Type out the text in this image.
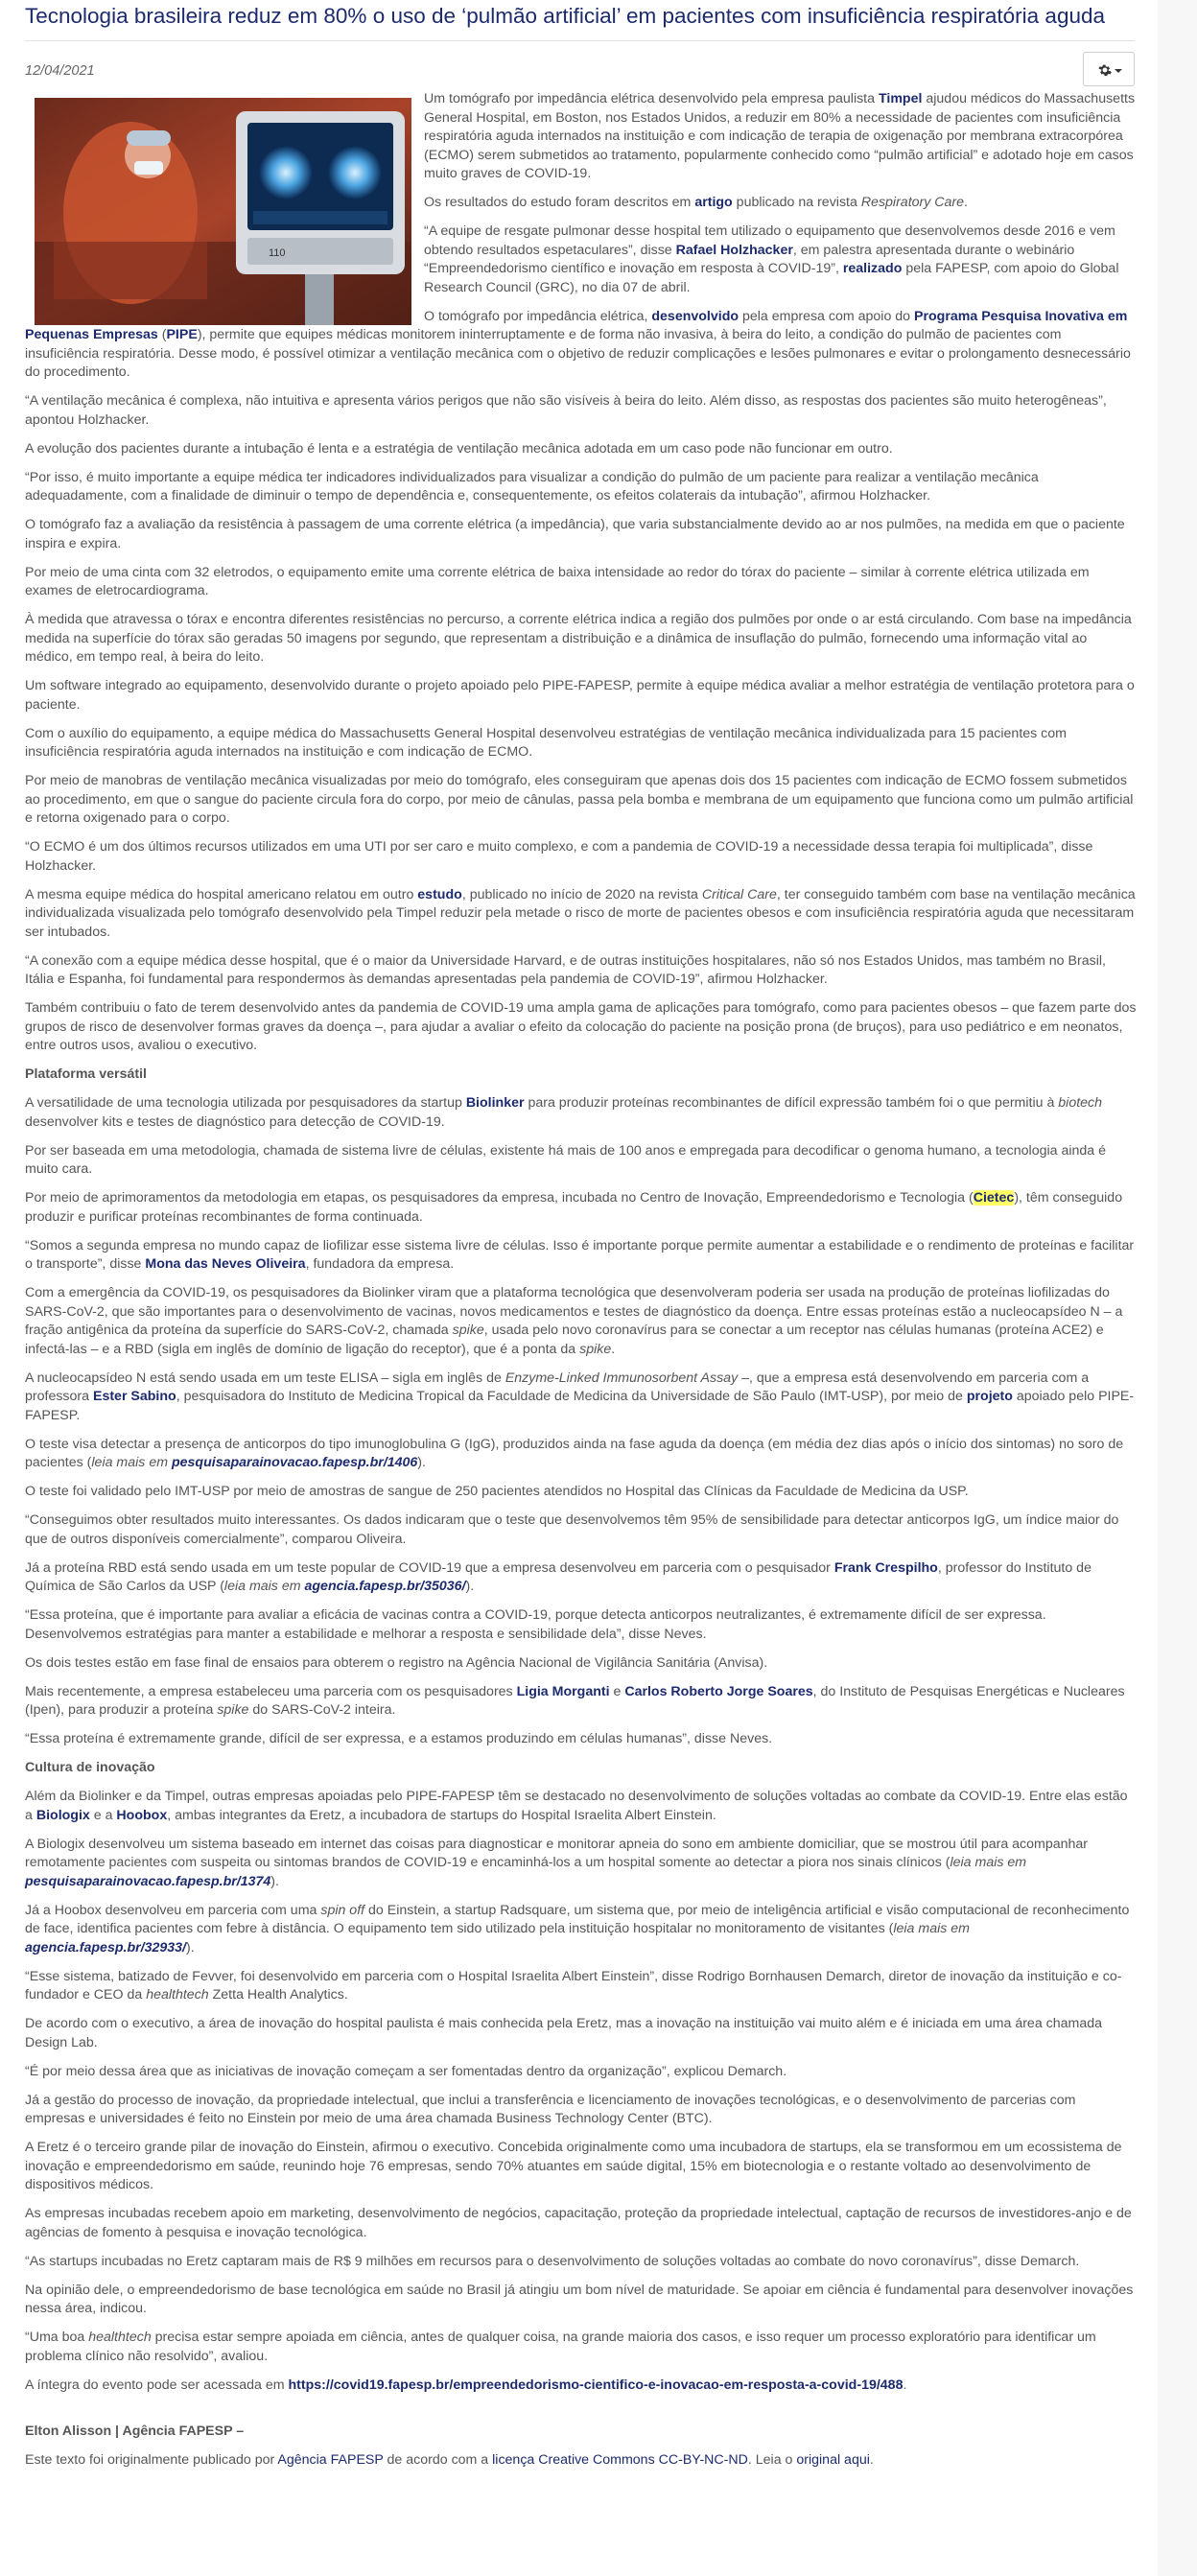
Tecnologia brasileira reduz em 80% o uso de ‘pulmão artificial’ em pacientes com insuficiência respiratória aguda
12/04/2021
110

Um tomógrafo por impedância elétrica desenvolvido pela empresa paulista Timpel ajudou médicos do Massachusetts General Hospital, em Boston, nos Estados Unidos, a reduzir em 80% a necessidade de pacientes com insuficiência respiratória aguda internados na instituição e com indicação de terapia de oxigenação por membrana extracorpórea (ECMO) serem submetidos ao tratamento, popularmente conhecido como “pulmão artificial” e adotado hoje em casos muito graves de COVID-19.

Os resultados do estudo foram descritos em artigo publicado na revista Respiratory Care.

“A equipe de resgate pulmonar desse hospital tem utilizado o equipamento que desenvolvemos desde 2016 e vem obtendo resultados espetaculares”, disse Rafael Holzhacker, em palestra apresentada durante o webinário “Empreendedorismo científico e inovação em resposta à COVID-19”, realizado pela FAPESP, com apoio do Global Research Council (GRC), no dia 07 de abril.

O tomógrafo por impedância elétrica, desenvolvido pela empresa com apoio do Programa Pesquisa Inovativa em Pequenas Empresas (PIPE), permite que equipes médicas monitorem ininterruptamente e de forma não invasiva, à beira do leito, a condição do pulmão de pacientes com insuficiência respiratória. Desse modo, é possível otimizar a ventilação mecânica com o objetivo de reduzir complicações e lesões pulmonares e evitar o prolongamento desnecessário do procedimento.

“A ventilação mecânica é complexa, não intuitiva e apresenta vários perigos que não são visíveis à beira do leito. Além disso, as respostas dos pacientes são muito heterogêneas”, apontou Holzhacker.

A evolução dos pacientes durante a intubação é lenta e a estratégia de ventilação mecânica adotada em um caso pode não funcionar em outro.

“Por isso, é muito importante a equipe médica ter indicadores individualizados para visualizar a condição do pulmão de um paciente para realizar a ventilação mecânica adequadamente, com a finalidade de diminuir o tempo de dependência e, consequentemente, os efeitos colaterais da intubação”, afirmou Holzhacker.

O tomógrafo faz a avaliação da resistência à passagem de uma corrente elétrica (a impedância), que varia substancialmente devido ao ar nos pulmões, na medida em que o paciente inspira e expira.

Por meio de uma cinta com 32 eletrodos, o equipamento emite uma corrente elétrica de baixa intensidade ao redor do tórax do paciente – similar à corrente elétrica utilizada em exames de eletrocardiograma.

À medida que atravessa o tórax e encontra diferentes resistências no percurso, a corrente elétrica indica a região dos pulmões por onde o ar está circulando. Com base na impedância medida na superfície do tórax são geradas 50 imagens por segundo, que representam a distribuição e a dinâmica de insuflação do pulmão, fornecendo uma informação vital ao médico, em tempo real, à beira do leito.

Um software integrado ao equipamento, desenvolvido durante o projeto apoiado pelo PIPE-FAPESP, permite à equipe médica avaliar a melhor estratégia de ventilação protetora para o paciente.

Com o auxílio do equipamento, a equipe médica do Massachusetts General Hospital desenvolveu estratégias de ventilação mecânica individualizada para 15 pacientes com insuficiência respiratória aguda internados na instituição e com indicação de ECMO.

Por meio de manobras de ventilação mecânica visualizadas por meio do tomógrafo, eles conseguiram que apenas dois dos 15 pacientes com indicação de ECMO fossem submetidos ao procedimento, em que o sangue do paciente circula fora do corpo, por meio de cânulas, passa pela bomba e membrana de um equipamento que funciona como um pulmão artificial e retorna oxigenado para o corpo.

“O ECMO é um dos últimos recursos utilizados em uma UTI por ser caro e muito complexo, e com a pandemia de COVID-19 a necessidade dessa terapia foi multiplicada”, disse Holzhacker.

A mesma equipe médica do hospital americano relatou em outro estudo, publicado no início de 2020 na revista Critical Care, ter conseguido também com base na ventilação mecânica individualizada visualizada pelo tomógrafo desenvolvido pela Timpel reduzir pela metade o risco de morte de pacientes obesos e com insuficiência respiratória aguda que necessitaram ser intubados.

“A conexão com a equipe médica desse hospital, que é o maior da Universidade Harvard, e de outras instituições hospitalares, não só nos Estados Unidos, mas também no Brasil, Itália e Espanha, foi fundamental para respondermos às demandas apresentadas pela pandemia de COVID-19”, afirmou Holzhacker.

Também contribuiu o fato de terem desenvolvido antes da pandemia de COVID-19 uma ampla gama de aplicações para tomógrafo, como para pacientes obesos – que fazem parte dos grupos de risco de desenvolver formas graves da doença –, para ajudar a avaliar o efeito da colocação do paciente na posição prona (de bruços), para uso pediátrico e em neonatos, entre outros usos, avaliou o executivo.

Plataforma versátil

A versatilidade de uma tecnologia utilizada por pesquisadores da startup Biolinker para produzir proteínas recombinantes de difícil expressão também foi o que permitiu à biotech desenvolver kits e testes de diagnóstico para detecção de COVID-19.

Por ser baseada em uma metodologia, chamada de sistema livre de células, existente há mais de 100 anos e empregada para decodificar o genoma humano, a tecnologia ainda é muito cara.

Por meio de aprimoramentos da metodologia em etapas, os pesquisadores da empresa, incubada no Centro de Inovação, Empreendedorismo e Tecnologia (Cietec), têm conseguido produzir e purificar proteínas recombinantes de forma continuada.

“Somos a segunda empresa no mundo capaz de liofilizar esse sistema livre de células. Isso é importante porque permite aumentar a estabilidade e o rendimento de proteínas e facilitar o transporte”, disse Mona das Neves Oliveira, fundadora da empresa.

Com a emergência da COVID-19, os pesquisadores da Biolinker viram que a plataforma tecnológica que desenvolveram poderia ser usada na produção de proteínas liofilizadas do SARS-CoV-2, que são importantes para o desenvolvimento de vacinas, novos medicamentos e testes de diagnóstico da doença. Entre essas proteínas estão a nucleocapsídeo N – a fração antigênica da proteína da superfície do SARS-CoV-2, chamada spike, usada pelo novo coronavírus para se conectar a um receptor nas células humanas (proteína ACE2) e infectá-las – e a RBD (sigla em inglês de domínio de ligação do receptor), que é a ponta da spike.

A nucleocapsídeo N está sendo usada em um teste ELISA – sigla em inglês de Enzyme-Linked Immunosorbent Assay –, que a empresa está desenvolvendo em parceria com a professora Ester Sabino, pesquisadora do Instituto de Medicina Tropical da Faculdade de Medicina da Universidade de São Paulo (IMT-USP), por meio de projeto apoiado pelo PIPE-FAPESP.

O teste visa detectar a presença de anticorpos do tipo imunoglobulina G (IgG), produzidos ainda na fase aguda da doença (em média dez dias após o início dos sintomas) no soro de pacientes (leia mais em pesquisaparainovacao.fapesp.br/1406).

O teste foi validado pelo IMT-USP por meio de amostras de sangue de 250 pacientes atendidos no Hospital das Clínicas da Faculdade de Medicina da USP.

“Conseguimos obter resultados muito interessantes. Os dados indicaram que o teste que desenvolvemos têm 95% de sensibilidade para detectar anticorpos IgG, um índice maior do que de outros disponíveis comercialmente”, comparou Oliveira.

Já a proteína RBD está sendo usada em um teste popular de COVID-19 que a empresa desenvolveu em parceria com o pesquisador Frank Crespilho, professor do Instituto de Química de São Carlos da USP (leia mais em agencia.fapesp.br/35036/).

“Essa proteína, que é importante para avaliar a eficácia de vacinas contra a COVID-19, porque detecta anticorpos neutralizantes, é extremamente difícil de ser expressa. Desenvolvemos estratégias para manter a estabilidade e melhorar a resposta e sensibilidade dela”, disse Neves.

Os dois testes estão em fase final de ensaios para obterem o registro na Agência Nacional de Vigilância Sanitária (Anvisa).

Mais recentemente, a empresa estabeleceu uma parceria com os pesquisadores Ligia Morganti e Carlos Roberto Jorge Soares, do Instituto de Pesquisas Energéticas e Nucleares (Ipen), para produzir a proteína spike do SARS-CoV-2 inteira.

“Essa proteína é extremamente grande, difícil de ser expressa, e a estamos produzindo em células humanas”, disse Neves.

Cultura de inovação

Além da Biolinker e da Timpel, outras empresas apoiadas pelo PIPE-FAPESP têm se destacado no desenvolvimento de soluções voltadas ao combate da COVID-19. Entre elas estão a Biologix e a Hoobox, ambas integrantes da Eretz, a incubadora de startups do Hospital Israelita Albert Einstein.

A Biologix desenvolveu um sistema baseado em internet das coisas para diagnosticar e monitorar apneia do sono em ambiente domiciliar, que se mostrou útil para acompanhar remotamente pacientes com suspeita ou sintomas brandos de COVID-19 e encaminhá-los a um hospital somente ao detectar a piora nos sinais clínicos (leia mais em pesquisaparainovacao.fapesp.br/1374).

Já a Hoobox desenvolveu em parceria com uma spin off do Einstein, a startup Radsquare, um sistema que, por meio de inteligência artificial e visão computacional de reconhecimento de face, identifica pacientes com febre à distância. O equipamento tem sido utilizado pela instituição hospitalar no monitoramento de visitantes (leia mais em agencia.fapesp.br/32933/).

“Esse sistema, batizado de Fevver, foi desenvolvido em parceria com o Hospital Israelita Albert Einstein”, disse Rodrigo Bornhausen Demarch, diretor de inovação da instituição e co-fundador e CEO da healthtech Zetta Health Analytics.

De acordo com o executivo, a área de inovação do hospital paulista é mais conhecida pela Eretz, mas a inovação na instituição vai muito além e é iniciada em uma área chamada Design Lab.

“É por meio dessa área que as iniciativas de inovação começam a ser fomentadas dentro da organização”, explicou Demarch.

Já a gestão do processo de inovação, da propriedade intelectual, que inclui a transferência e licenciamento de inovações tecnológicas, e o desenvolvimento de parcerias com empresas e universidades é feito no Einstein por meio de uma área chamada Business Technology Center (BTC).

A Eretz é o terceiro grande pilar de inovação do Einstein, afirmou o executivo. Concebida originalmente como uma incubadora de startups, ela se transformou em um ecossistema de inovação e empreendedorismo em saúde, reunindo hoje 76 empresas, sendo 70% atuantes em saúde digital, 15% em biotecnologia e o restante voltado ao desenvolvimento de dispositivos médicos.

As empresas incubadas recebem apoio em marketing, desenvolvimento de negócios, capacitação, proteção da propriedade intelectual, captação de recursos de investidores-anjo e de agências de fomento à pesquisa e inovação tecnológica.

“As startups incubadas no Eretz captaram mais de R$ 9 milhões em recursos para o desenvolvimento de soluções voltadas ao combate do novo coronavírus”, disse Demarch.

Na opinião dele, o empreendedorismo de base tecnológica em saúde no Brasil já atingiu um bom nível de maturidade. Se apoiar em ciência é fundamental para desenvolver inovações nessa área, indicou.

“Uma boa healthtech precisa estar sempre apoiada em ciência, antes de qualquer coisa, na grande maioria dos casos, e isso requer um processo exploratório para identificar um problema clínico não resolvido”, avaliou.

A íntegra do evento pode ser acessada em https://covid19.fapesp.br/empreendedorismo-cientifico-e-inovacao-em-resposta-a-covid-19/488.

Elton Alisson | Agência FAPESP –

Este texto foi originalmente publicado por Agência FAPESP de acordo com a licença Creative Commons CC-BY-NC-ND. Leia o original aqui.
